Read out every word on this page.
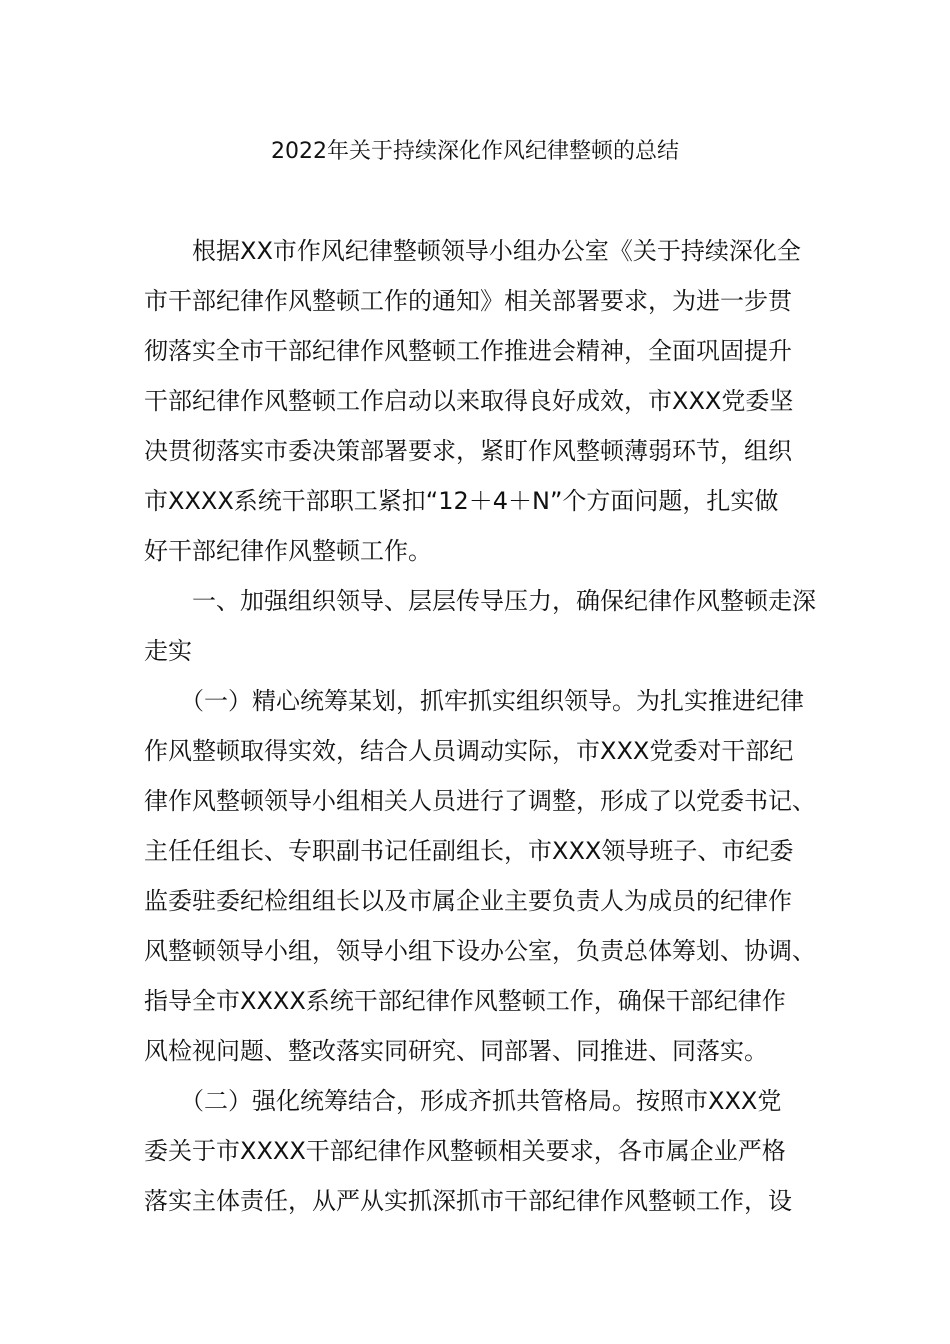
2022年关于持续深化作风纪律整顿的总结
　　根据XX市作风纪律整顿领导小组办公室《关于持续深化全
市干部纪律作风整顿工作的通知》相关部署要求，为进一步贯
彻落实全市干部纪律作风整顿工作推进会精神，全面巩固提升
干部纪律作风整顿工作启动以来取得良好成效，市XXX党委坚
决贯彻落实市委决策部署要求，紧盯作风整顿薄弱环节，组织
市XXXX系统干部职工紧扣“12＋4＋N”个方面问题，扎实做
好干部纪律作风整顿工作。
　　一、加强组织领导、层层传导压力，确保纪律作风整顿走深
走实
　　（一）精心统筹某划，抓牢抓实组织领导。为扎实推进纪律
作风整顿取得实效，结合人员调动实际，市XXX党委对干部纪
律作风整顿领导小组相关人员进行了调整，形成了以党委书记、
主任任组长、专职副书记任副组长，市XXX领导班子、市纪委
监委驻委纪检组组长以及市属企业主要负责人为成员的纪律作
风整顿领导小组，领导小组下设办公室，负责总体筹划、协调、
指导全市XXXX系统干部纪律作风整顿工作，确保干部纪律作
风检视问题、整改落实同研究、同部署、同推进、同落实。
　　（二）强化统筹结合，形成齐抓共管格局。按照市XXX党
委关于市XXXX干部纪律作风整顿相关要求，各市属企业严格
落实主体责任，从严从实抓深抓市干部纪律作风整顿工作，设
